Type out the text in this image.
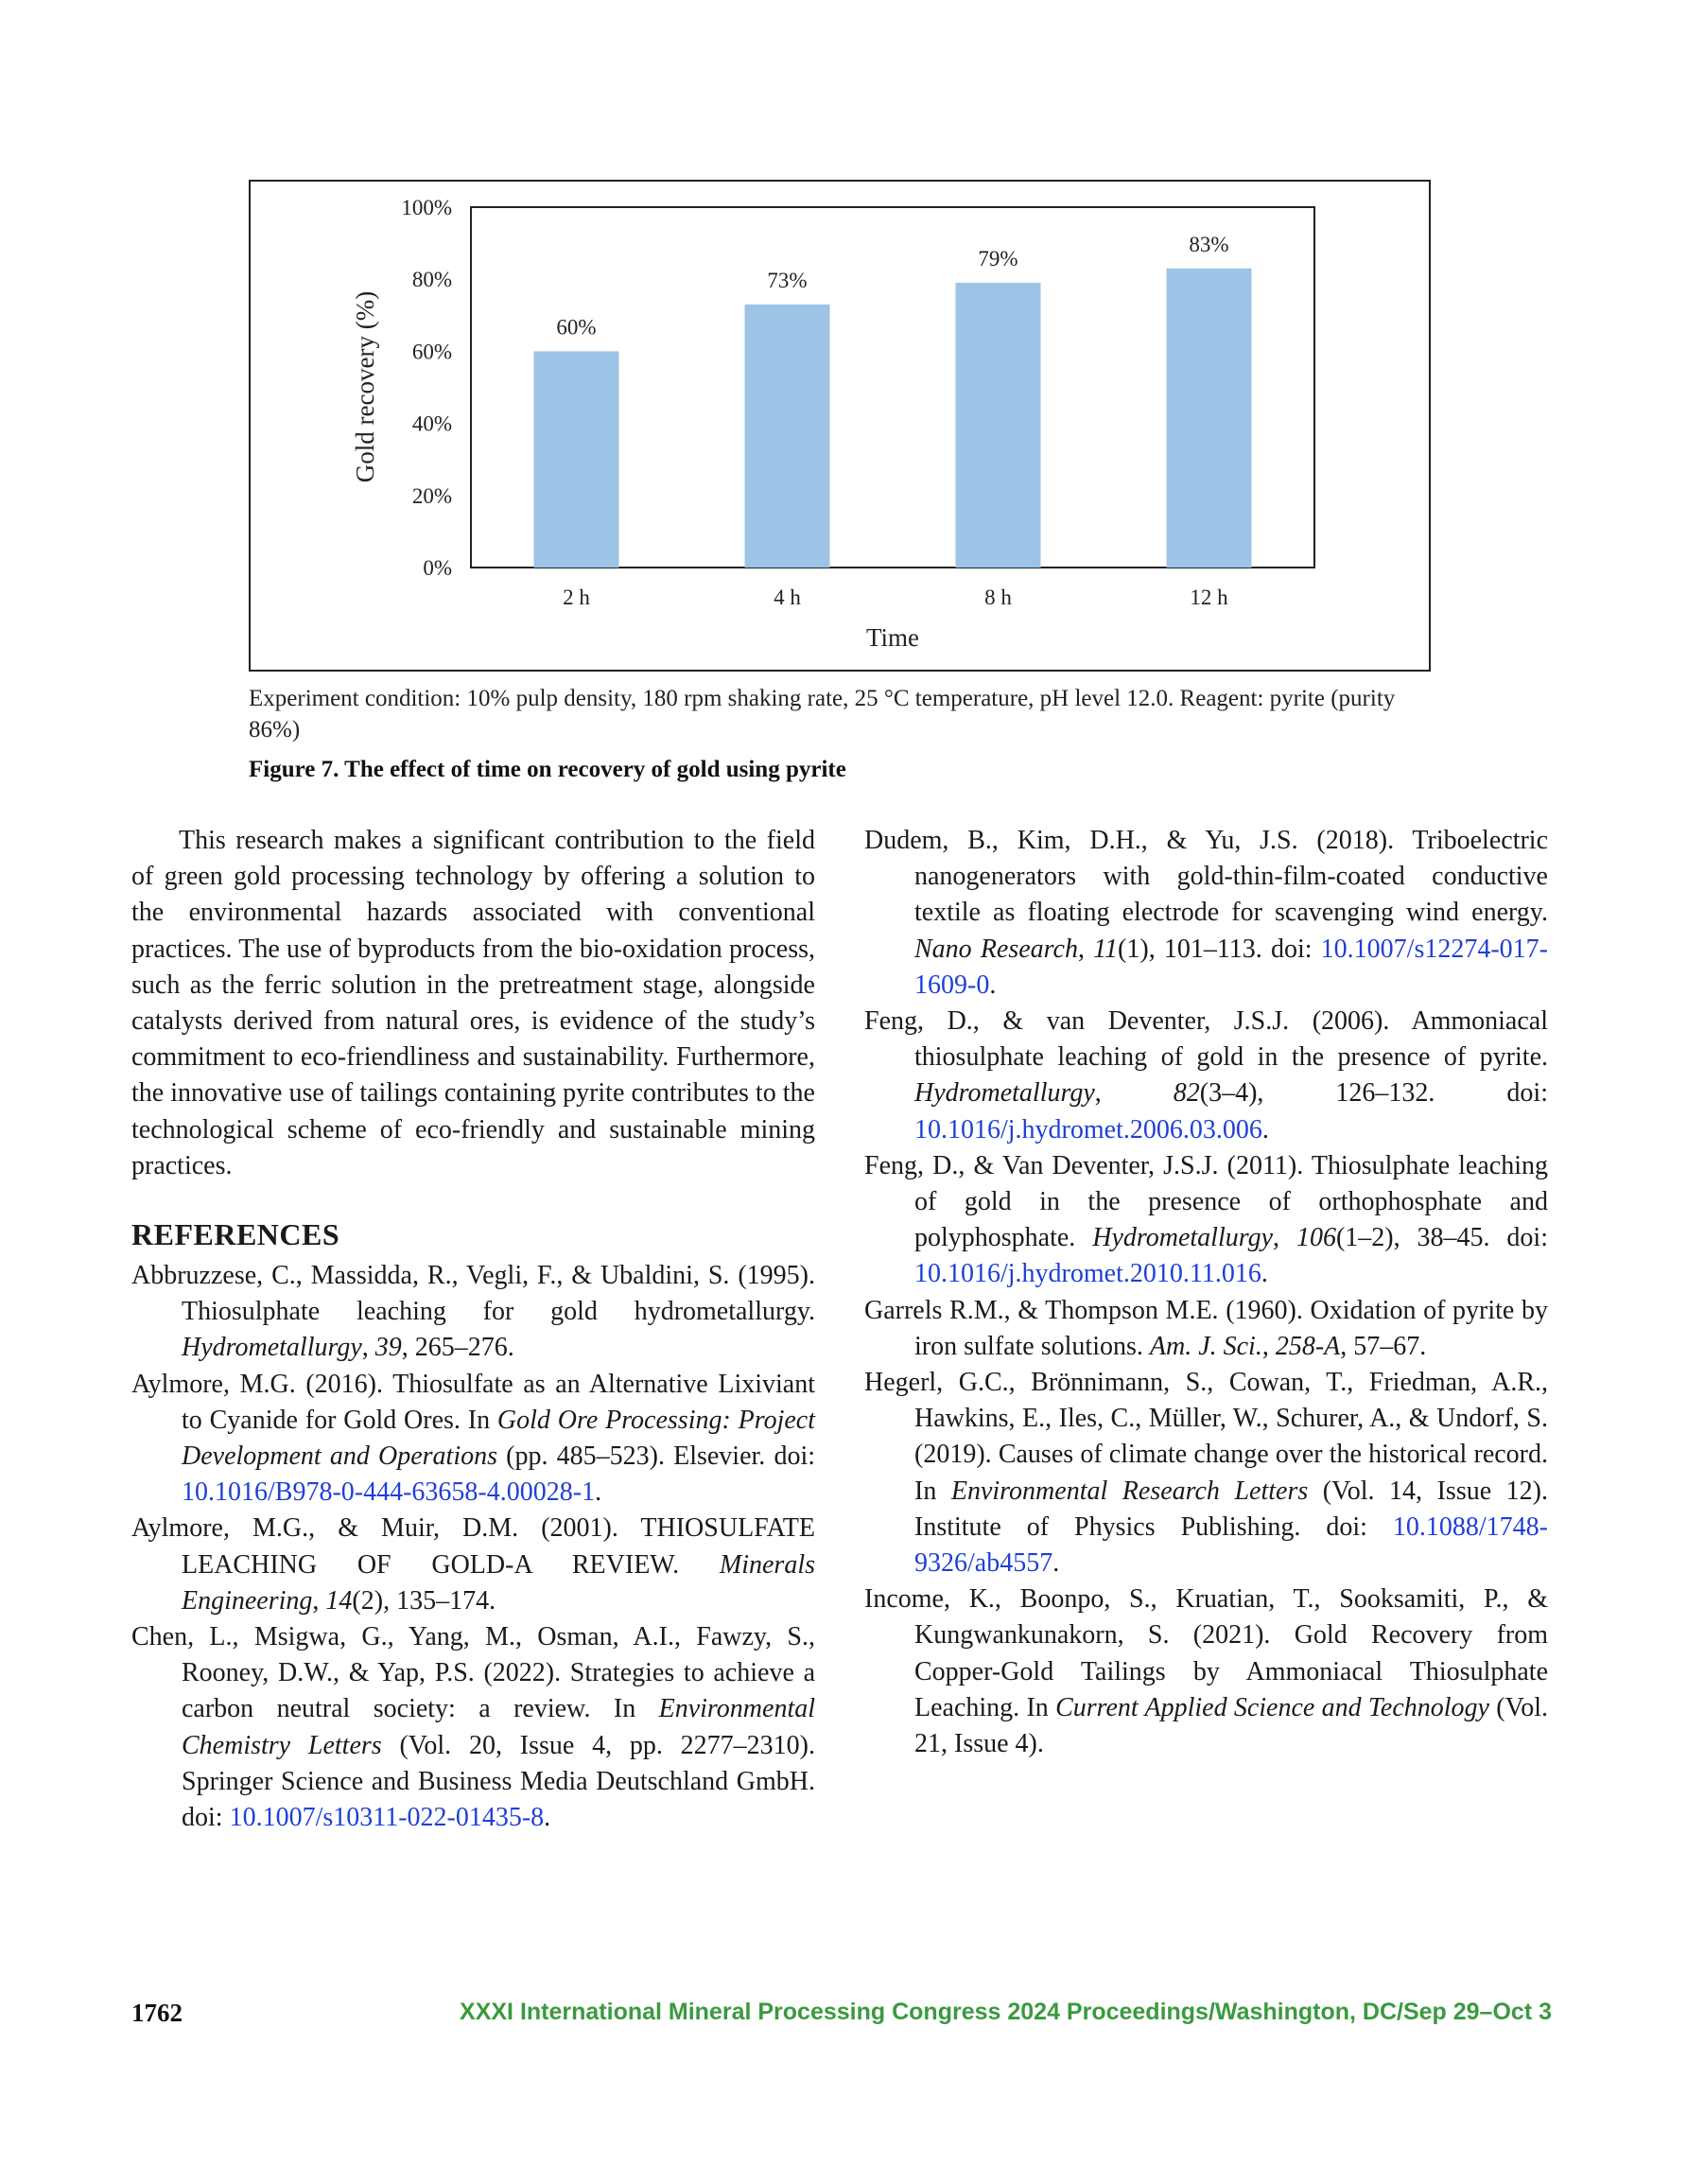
0%
20%
40%
60%
80%
100%
60%
2 h
73%
4 h
79%
8 h
83%
12 h
Time
Gold recovery (%)
Experiment condition: 10% pulp density, 180 rpm shaking rate, 25 °C temperature, pH level 12.0. Reagent: pyrite (purity 86%)
Figure 7. The effect of time on recovery of gold using pyrite

This research makes a significant contribution to the field of green gold processing technology by offering a solution to the environmental hazards associated with conventional practices. The use of byproducts from the bio-oxidation process, such as the ferric solution in the pretreatment stage, alongside catalysts derived from natural ores, is evidence of the study’s commitment to eco-friendliness and sustainability. Furthermore, the innovative use of tailings containing pyrite contributes to the technological scheme of eco-friendly and sustainable mining practices.

REFERENCES

Abbruzzese, C., Massidda, R., Vegli, F., & Ubaldini, S. (1995). Thiosulphate leaching for gold hydrometallurgy. Hydrometallurgy, 39, 265–276.

Aylmore, M.G. (2016). Thiosulfate as an Alternative Lixiviant to Cyanide for Gold Ores. In Gold Ore Processing: Project Development and Operations (pp. 485–523). Elsevier. doi: 10.1016/B978-0-444-63658-4.00028-1.

Aylmore, M.G., & Muir, D.M. (2001). THIOSULFATE LEACHING OF GOLD-A REVIEW. Minerals Engineering, 14(2), 135–174.

Chen, L., Msigwa, G., Yang, M., Osman, A.I., Fawzy, S., Rooney, D.W., & Yap, P.S. (2022). Strategies to achieve a carbon neutral society: a review. In Environmental Chemistry Letters (Vol. 20, Issue 4, pp. 2277–2310). Springer Science and Business Media Deutschland GmbH. doi: 10.1007/s10311-022-01435-8.

Dudem, B., Kim, D.H., & Yu, J.S. (2018). Triboelectric nanogenerators with gold-thin-film-coated conductive textile as floating electrode for scavenging wind energy. Nano Research, 11(1), 101–113. doi: 10.1007/s12274-017-1609-0.

Feng, D., & van Deventer, J.S.J. (2006). Ammoniacal thiosulphate leaching of gold in the presence of pyrite. Hydrometallurgy, 82(3–4), 126–132. doi: 10.1016/j.hydromet.2006.03.006.

Feng, D., & Van Deventer, J.S.J. (2011). Thiosulphate leaching of gold in the presence of orthophosphate and polyphosphate. Hydrometallurgy, 106(1–2), 38–45. doi: 10.1016/j.hydromet.2010.11.016.

Garrels R.M., & Thompson M.E. (1960). Oxidation of pyrite by iron sulfate solutions. Am. J. Sci., 258-A, 57–67.

Hegerl, G.C., Brönnimann, S., Cowan, T., Friedman, A.R., Hawkins, E., Iles, C., Müller, W., Schurer, A., & Undorf, S. (2019). Causes of climate change over the historical record. In Environmental Research Letters (Vol. 14, Issue 12). Institute of Physics Publishing. doi: 10.1088/1748-9326/ab4557.

Income, K., Boonpo, S., Kruatian, T., Sooksamiti, P., & Kungwankunakorn, S. (2021). Gold Recovery from Copper-Gold Tailings by Ammoniacal Thiosulphate Leaching. In Current Applied Science and Technology (Vol. 21, Issue 4).

1762	XXXI International Mineral Processing Congress 2024 Proceedings/Washington, DC/Sep 29–Oct 3
